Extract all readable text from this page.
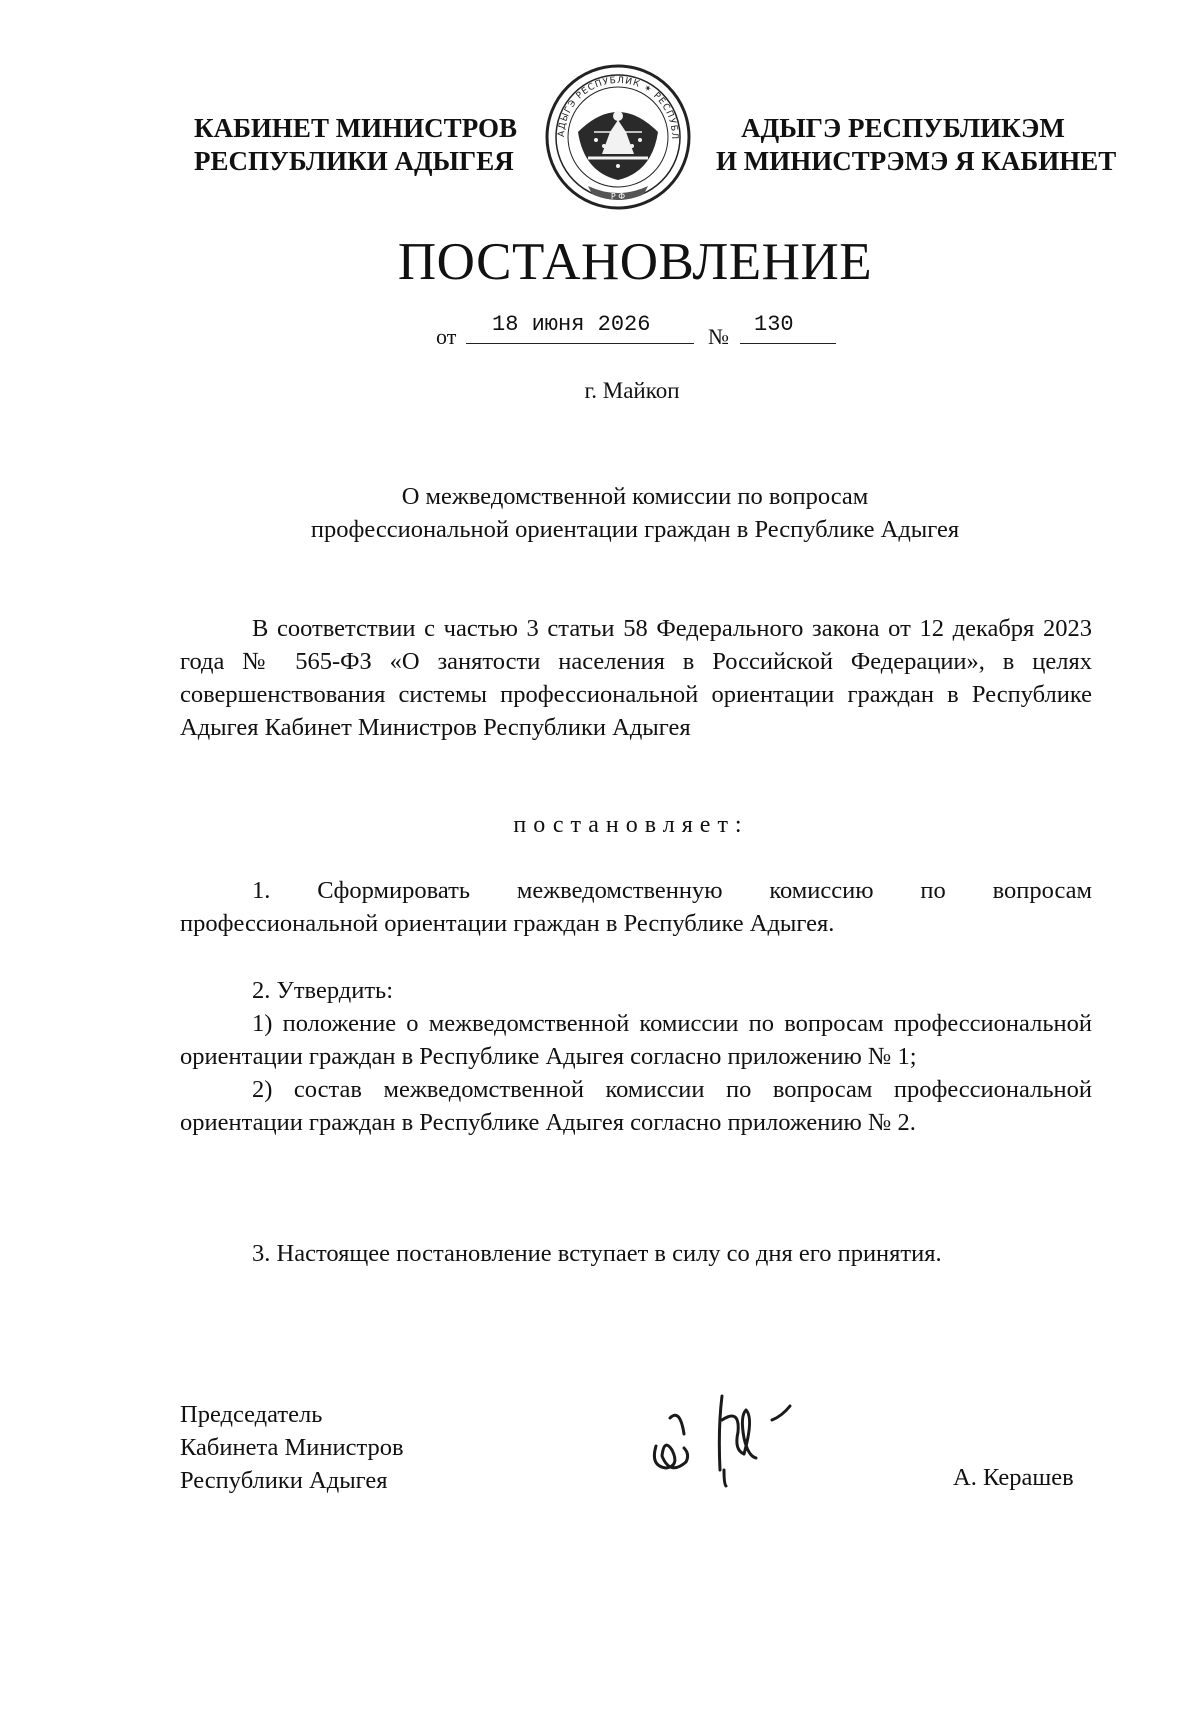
КАБИНЕТ МИНИСТРОВ
РЕСПУБЛИКИ АДЫГЕЯ
АДЫГЭ РЕСПУБЛИК ✶ РЕСПУБЛ
Р Ф
АДЫГЭ РЕСПУБЛИКЭМ
И МИНИСТРЭМЭ Я КАБИНЕТ
ПОСТАНОВЛЕНИЕ
от	18 июня 2026	№	130
г. Майкоп
О межведомственной комиссии по вопросам
профессиональной ориентации граждан в Республике Адыгея

В соответствии с частью 3 статьи 58 Федерального закона от 12 декабря 2023 года № 565-ФЗ «О занятости населения в Российской Федерации», в целях совершенствования системы профессиональной ориентации граждан в Республике Адыгея Кабинет Министров Республики Адыгея

постановляет:

1. Сформировать межведомственную комиссию по вопросам профессиональной ориентации граждан в Республике Адыгея.

2. Утвердить:

1) положение о межведомственной комиссии по вопросам профессиональной ориентации граждан в Республике Адыгея согласно приложению № 1;

2) состав межведомственной комиссии по вопросам профессиональной ориентации граждан в Республике Адыгея согласно приложению № 2.

3. Настоящее постановление вступает в силу со дня его принятия.

Председатель
Кабинета Министров
Республики Адыгея	А. Керашев
